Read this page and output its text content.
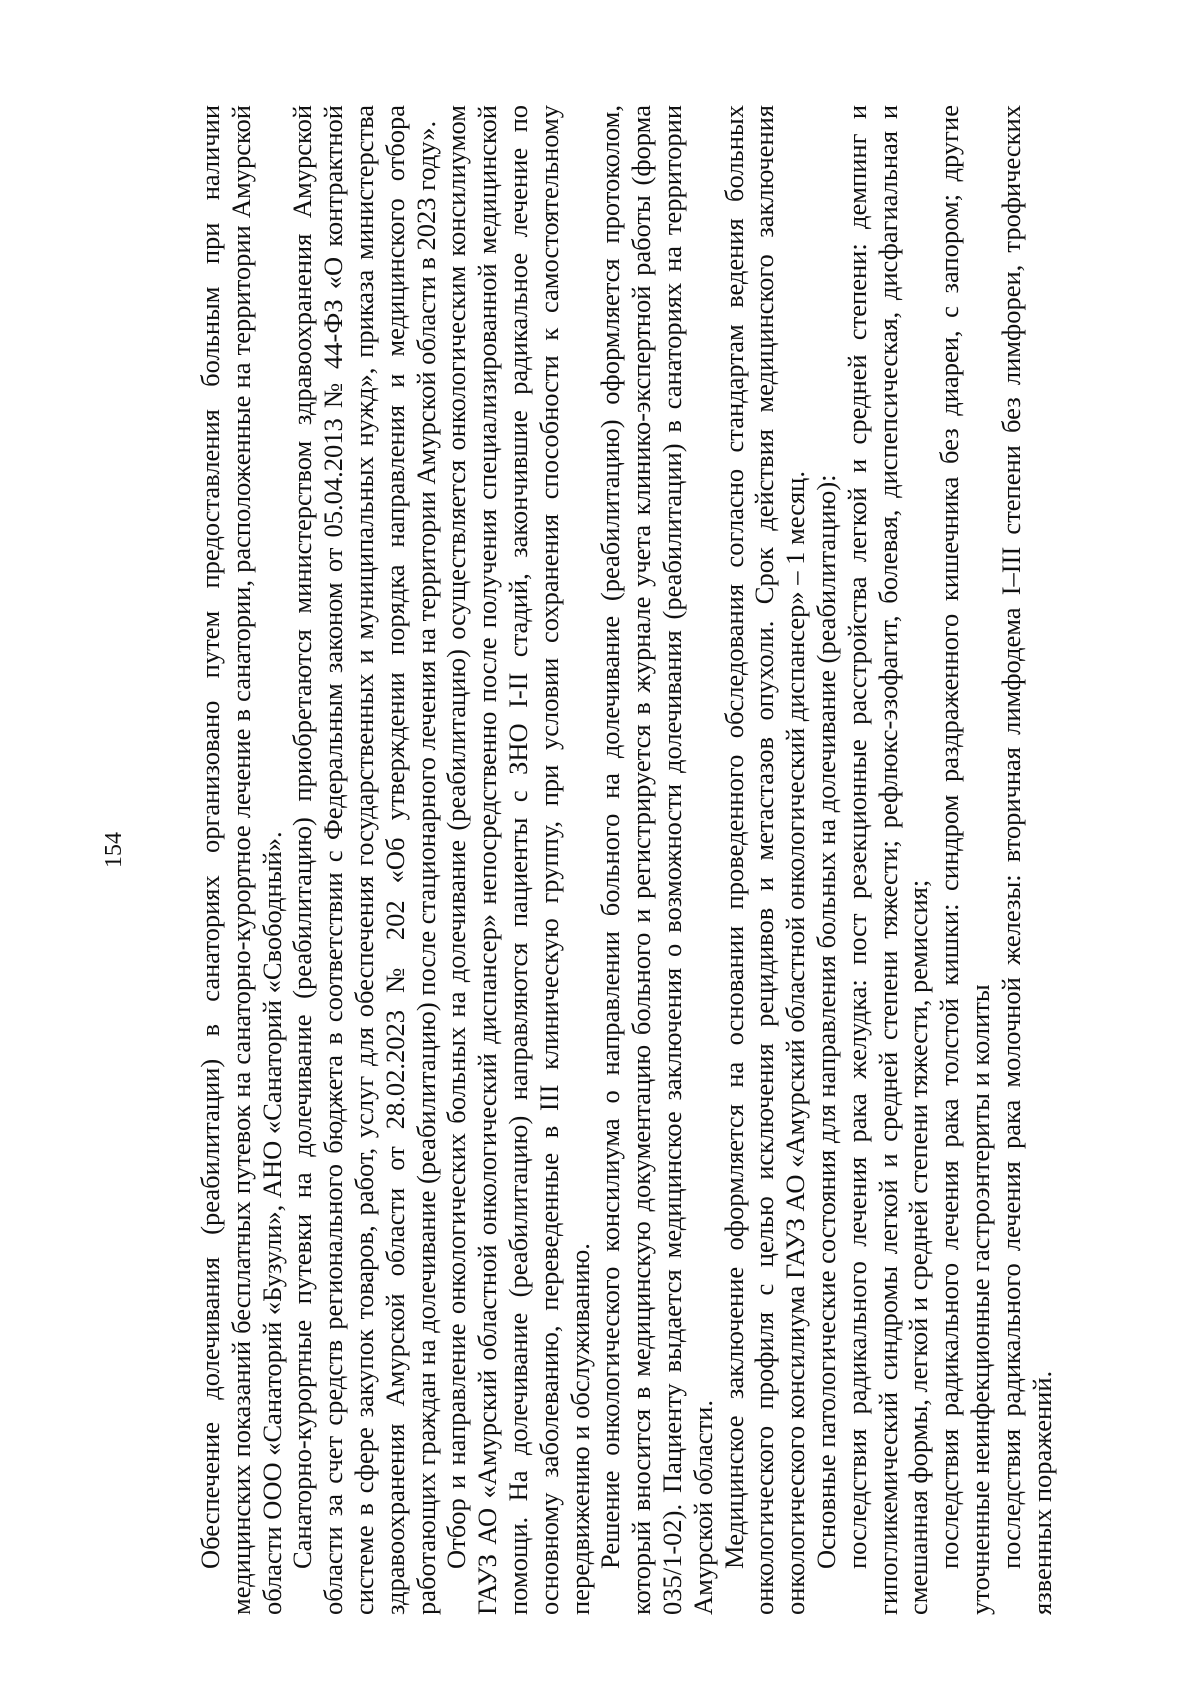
154	Обеспечение долечивания (реабилитации) в санаториях организовано путем предоставления больным при наличии медицинских показаний бесплатных путевок на санаторно-курортное лечение в санатории, расположенные на территории Амурской области ООО «Санаторий «Бузули», АНО «Санаторий «Свободный». Санаторно-курортные путевки на долечивание (реабилитацию) приобретаются министерством здравоохранения Амурской области за счет средств регионального бюджета в соответствии с Федеральным законом от 05.04.2013 № 44-ФЗ «О контрактной системе в сфере закупок товаров, работ, услуг для обеспечения государственных и муниципальных нужд», приказа министерства здравоохранения Амурской области от 28.02.2023 № 202 «Об утверждении порядка направления и медицинского отбора работающих граждан на долечивание (реабилитацию) после стационарного лечения на территории Амурской области в 2023 году». Отбор и направление онкологических больных на долечивание (реабилитацию) осуществляется онкологическим консилиумом ГАУЗ АО «Амурский областной онкологический диспансер» непосредственно после получения специализированной медицинской помощи. На долечивание (реабилитацию) направляются пациенты с ЗНО I-II стадий, закончившие радикальное лечение по основному заболеванию, переведенные в III клиническую группу, при условии сохранения способности к самостоятельному передвижению и обслуживанию. Решение онкологического консилиума о направлении больного на долечивание (реабилитацию) оформляется протоколом, который вносится в медицинскую документацию больного и регистрируется в журнале учета клинико-экспертной работы (форма 035/1-02). Пациенту выдается медицинское заключения о возможности долечивания (реабилитации) в санаториях на территории Амурской области. Медицинское заключение оформляется на основании проведенного обследования согласно стандартам ведения больных онкологического профиля с целью исключения рецидивов и метастазов опухоли. Срок действия медицинского заключения онкологического консилиума ГАУЗ АО «Амурский областной онкологический диспансер» – 1 месяц. Основные патологические состояния для направления больных на долечивание (реабилитацию): последствия радикального лечения рака желудка: пост резекционные расстройства легкой и средней степени: демпинг и гипогликемический синдромы легкой и средней степени тяжести; рефлюкс-эзофагит, болевая, диспепсическая, дисфагиальная и смешанная формы, легкой и средней степени тяжести, ремиссия; последствия радикального лечения рака толстой кишки: синдром раздраженного кишечника без диареи, с запором; другие уточненные неинфекционные гастроэнтериты и колиты последствия радикального лечения рака молочной железы: вторичная лимфодема I–III степени без лимфореи, трофических язвенных поражений.
